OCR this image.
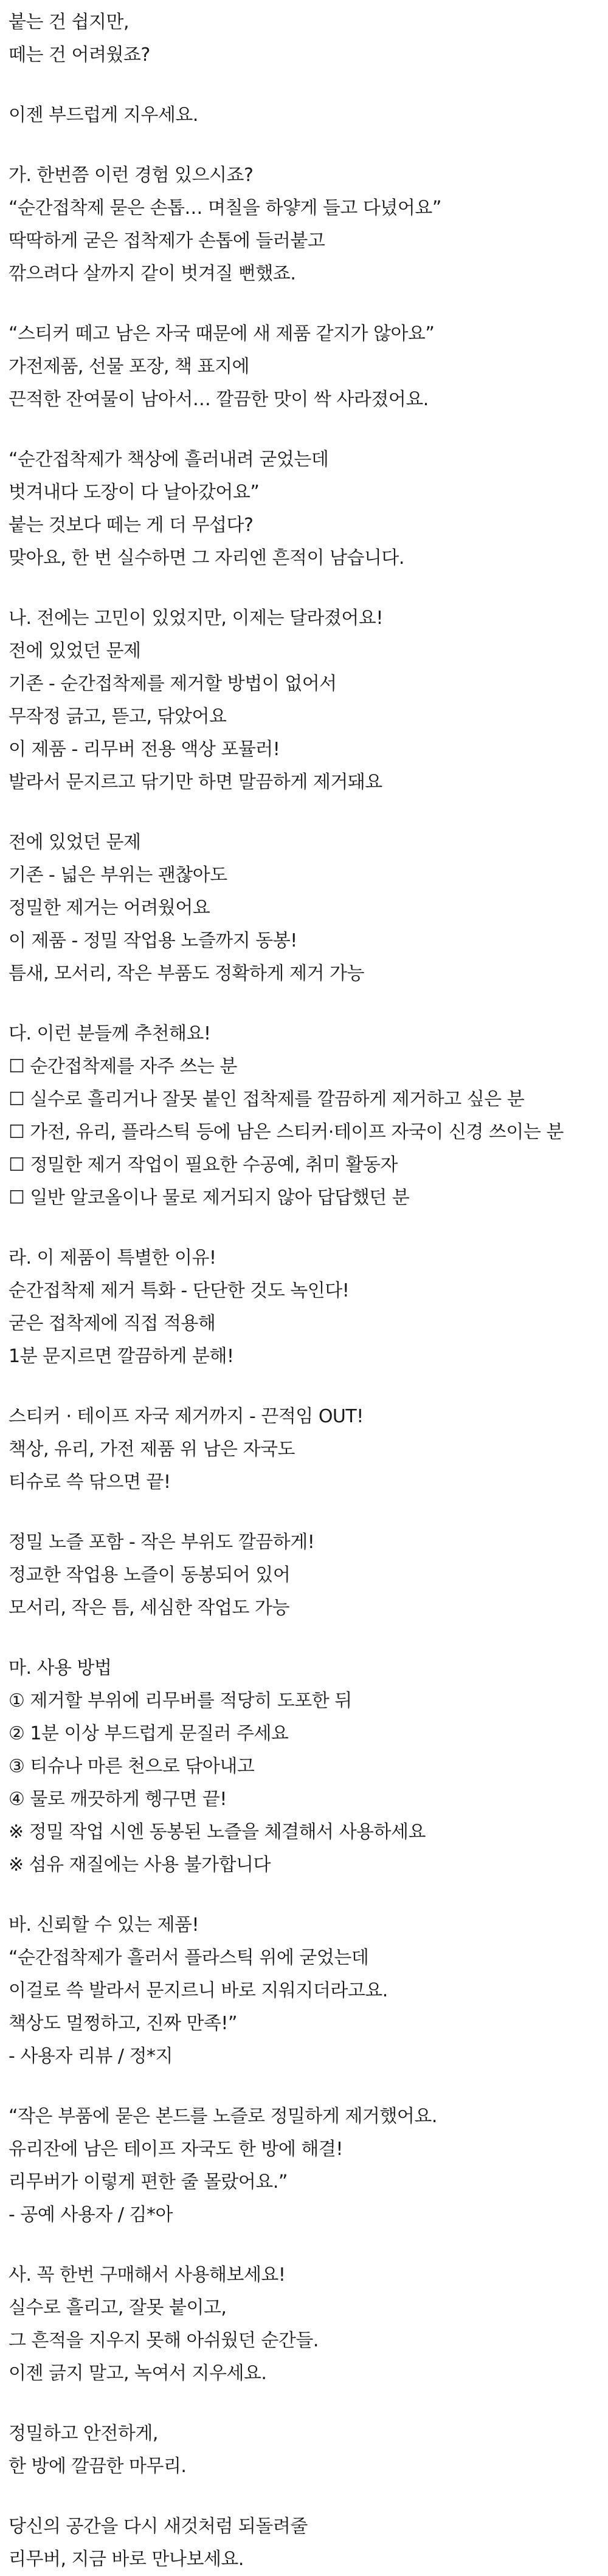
붙는 건 쉽지만,
떼는 건 어려웠죠?
이젠 부드럽게 지우세요.
가. 한번쯤 이런 경험 있으시죠?
“순간접착제 묻은 손톱… 며칠을 하얗게 들고 다녔어요”
딱딱하게 굳은 접착제가 손톱에 들러붙고
깎으려다 살까지 같이 벗겨질 뻔했죠.
“스티커 떼고 남은 자국 때문에 새 제품 같지가 않아요”
가전제품, 선물 포장, 책 표지에
끈적한 잔여물이 남아서… 깔끔한 맛이 싹 사라졌어요.
“순간접착제가 책상에 흘러내려 굳었는데
벗겨내다 도장이 다 날아갔어요”
붙는 것보다 떼는 게 더 무섭다?
맞아요, 한 번 실수하면 그 자리엔 흔적이 남습니다.
나. 전에는 고민이 있었지만, 이제는 달라졌어요!
전에 있었던 문제
기존 - 순간접착제를 제거할 방법이 없어서
무작정 긁고, 뜯고, 닦았어요
이 제품 - 리무버 전용 액상 포뮬러!
발라서 문지르고 닦기만 하면 말끔하게 제거돼요
전에 있었던 문제
기존 - 넓은 부위는 괜찮아도
정밀한 제거는 어려웠어요
이 제품 - 정밀 작업용 노즐까지 동봉!
틈새, 모서리, 작은 부품도 정확하게 제거 가능
다. 이런 분들께 추천해요!
☐ 순간접착제를 자주 쓰는 분
☐ 실수로 흘리거나 잘못 붙인 접착제를 깔끔하게 제거하고 싶은 분
☐ 가전, 유리, 플라스틱 등에 남은 스티커·테이프 자국이 신경 쓰이는 분
☐ 정밀한 제거 작업이 필요한 수공예, 취미 활동자
☐ 일반 알코올이나 물로 제거되지 않아 답답했던 분
라. 이 제품이 특별한 이유!
순간접착제 제거 특화 - 단단한 것도 녹인다!
굳은 접착제에 직접 적용해
1분 문지르면 깔끔하게 분해!
스티커 · 테이프 자국 제거까지 - 끈적임 OUT!
책상, 유리, 가전 제품 위 남은 자국도
티슈로 쓱 닦으면 끝!
정밀 노즐 포함 - 작은 부위도 깔끔하게!
정교한 작업용 노즐이 동봉되어 있어
모서리, 작은 틈, 세심한 작업도 가능
마. 사용 방법
① 제거할 부위에 리무버를 적당히 도포한 뒤
② 1분 이상 부드럽게 문질러 주세요
③ 티슈나 마른 천으로 닦아내고
④ 물로 깨끗하게 헹구면 끝!
※ 정밀 작업 시엔 동봉된 노즐을 체결해서 사용하세요
※ 섬유 재질에는 사용 불가합니다
바. 신뢰할 수 있는 제품!
“순간접착제가 흘러서 플라스틱 위에 굳었는데
이걸로 쓱 발라서 문지르니 바로 지워지더라고요.
책상도 멀쩡하고, 진짜 만족!”
- 사용자 리뷰 / 정*지
“작은 부품에 묻은 본드를 노즐로 정밀하게 제거했어요.
유리잔에 남은 테이프 자국도 한 방에 해결!
리무버가 이렇게 편한 줄 몰랐어요.”
- 공예 사용자 / 김*아
사. 꼭 한번 구매해서 사용해보세요!
실수로 흘리고, 잘못 붙이고,
그 흔적을 지우지 못해 아쉬웠던 순간들.
이젠 긁지 말고, 녹여서 지우세요.
정밀하고 안전하게,
한 방에 깔끔한 마무리.
당신의 공간을 다시 새것처럼 되돌려줄
리무버, 지금 바로 만나보세요.
